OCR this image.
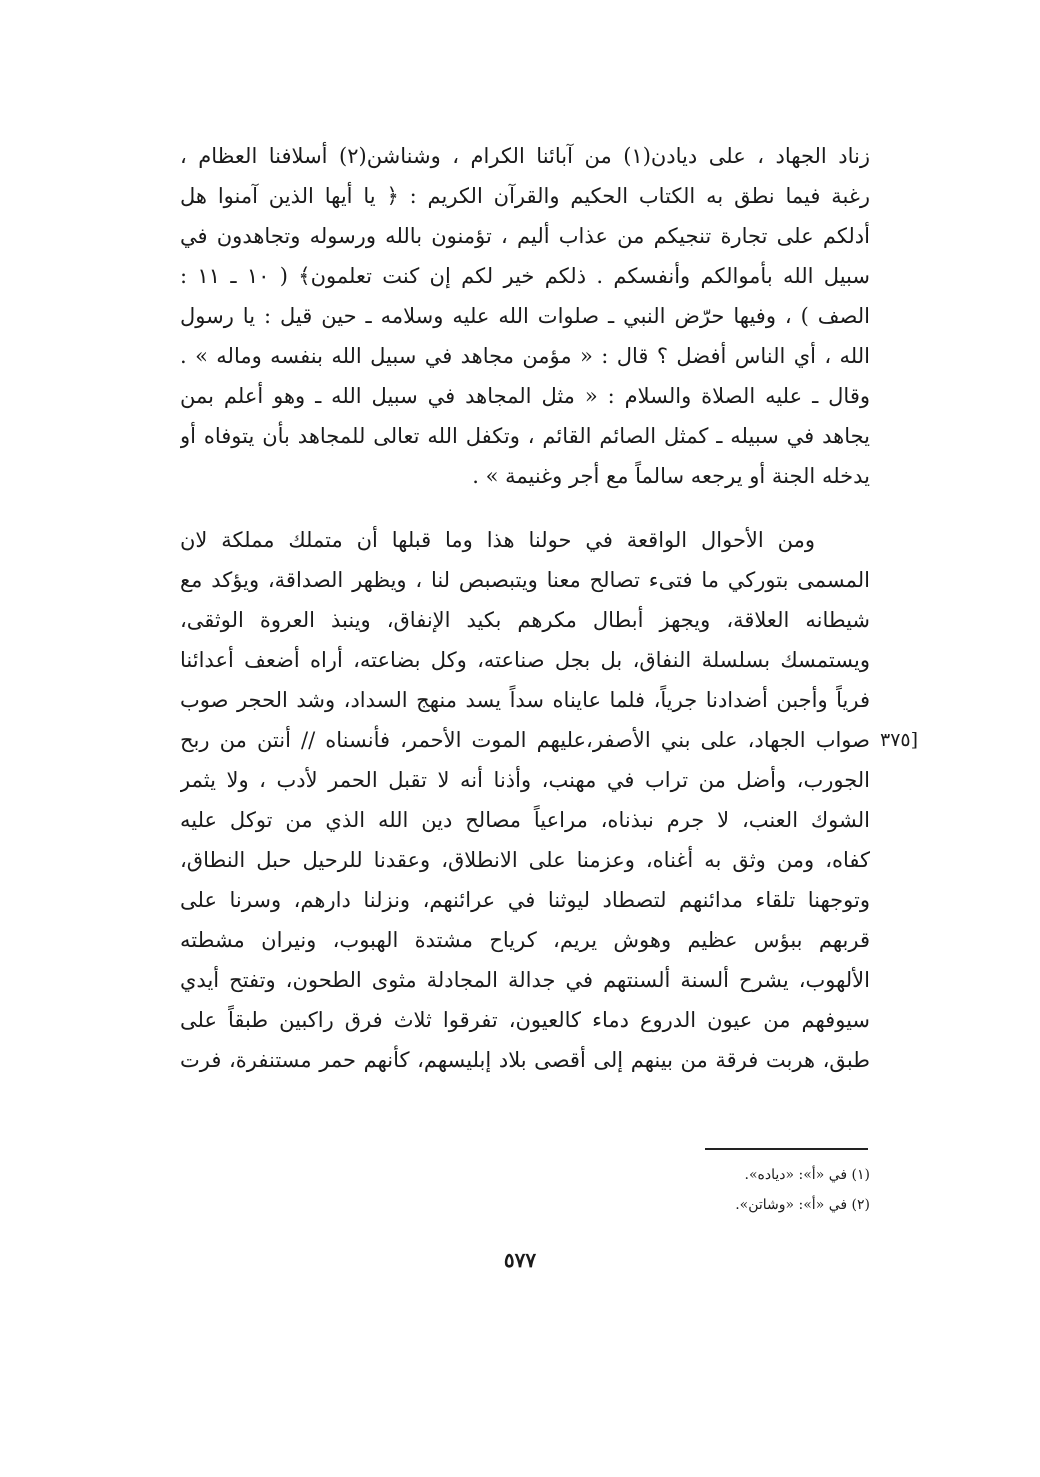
زناد الجهاد ، على ديادن(١) من آبائنا الكرام ، وشناشن(٢) أسلافنا العظام ،
رغبة فيما نطق به الكتاب الحكيم والقرآن الكريم : ﴿ يا أيها الذين آمنوا هل
أدلكم على تجارة تنجيكم من عذاب أليم ، تؤمنون بالله ورسوله وتجاهدون في
سبيل الله بأموالكم وأنفسكم . ذلكم خير لكم إن كنت تعلمون﴾ ( ١٠ ـ ١١ :
الصف ) ، وفيها حرّض النبي ـ صلوات الله عليه وسلامه ـ حين قيل : يا رسول
الله ، أي الناس أفضل ؟ قال : « مؤمن مجاهد في سبيل الله بنفسه وماله » .
وقال ـ عليه الصلاة والسلام : « مثل المجاهد في سبيل الله ـ وهو أعلم بمن
يجاهد في سبيله ـ كمثل الصائم القائم ، وتكفل الله تعالى للمجاهد بأن يتوفاه أو
يدخله الجنة أو يرجعه سالماً مع أجر وغنيمة » .
ومن الأحوال الواقعة في حولنا هذا وما قبلها أن متملك مملكة لان
المسمى بتوركي ما فتىء تصالح معنا ويتبصبص لنا ، ويظهر الصداقة، ويؤكد مع
شيطانه العلاقة، ويجهز أبطال مكرهم بكيد الإنفاق، وينبذ العروة الوثقى،
ويستمسك بسلسلة النفاق، بل بجل صناعته، وكل بضاعته، أراه أضعف أعدائنا
فرياً وأجبن أضدادنا جرياً، فلما عايناه سداً يسد منهج السداد، وشد الحجر صوب
صواب الجهاد، على بني الأصفر،عليهم الموت الأحمر، فأنسناه // أنتن من ربح
الجورب، وأضل من تراب في مهنب، وأذنا أنه لا تقبل الحمر لأدب ، ولا يثمر
الشوك العنب، لا جرم نبذناه، مراعياً مصالح دين الله الذي من توكل عليه
كفاه، ومن وثق به أغناه، وعزمنا على الانطلاق، وعقدنا للرحيل حبل النطاق،
وتوجهنا تلقاء مدائنهم لتصطاد ليوثنا في عرائنهم، ونزلنا دارهم، وسرنا على
قربهم ببؤس عظيم وهوش يريم، كرياح مشتدة الهبوب، ونيران مشطته
الألهوب، يشرح ألسنة ألسنتهم في جدالة المجادلة مثوى الطحون، وتفتح أيدي
سيوفهم من عيون الدروع دماء كالعيون، تفرقوا ثلاث فرق راكبين طبقاً على
طبق، هربت فرقة من بينهم إلى أقصى بلاد إبليسهم، كأنهم حمر مستنفرة، فرت
[٣٧٥
(١) في «أ»: «دياده».
(٢) في «أ»: «وشاتن».
٥٧٧
